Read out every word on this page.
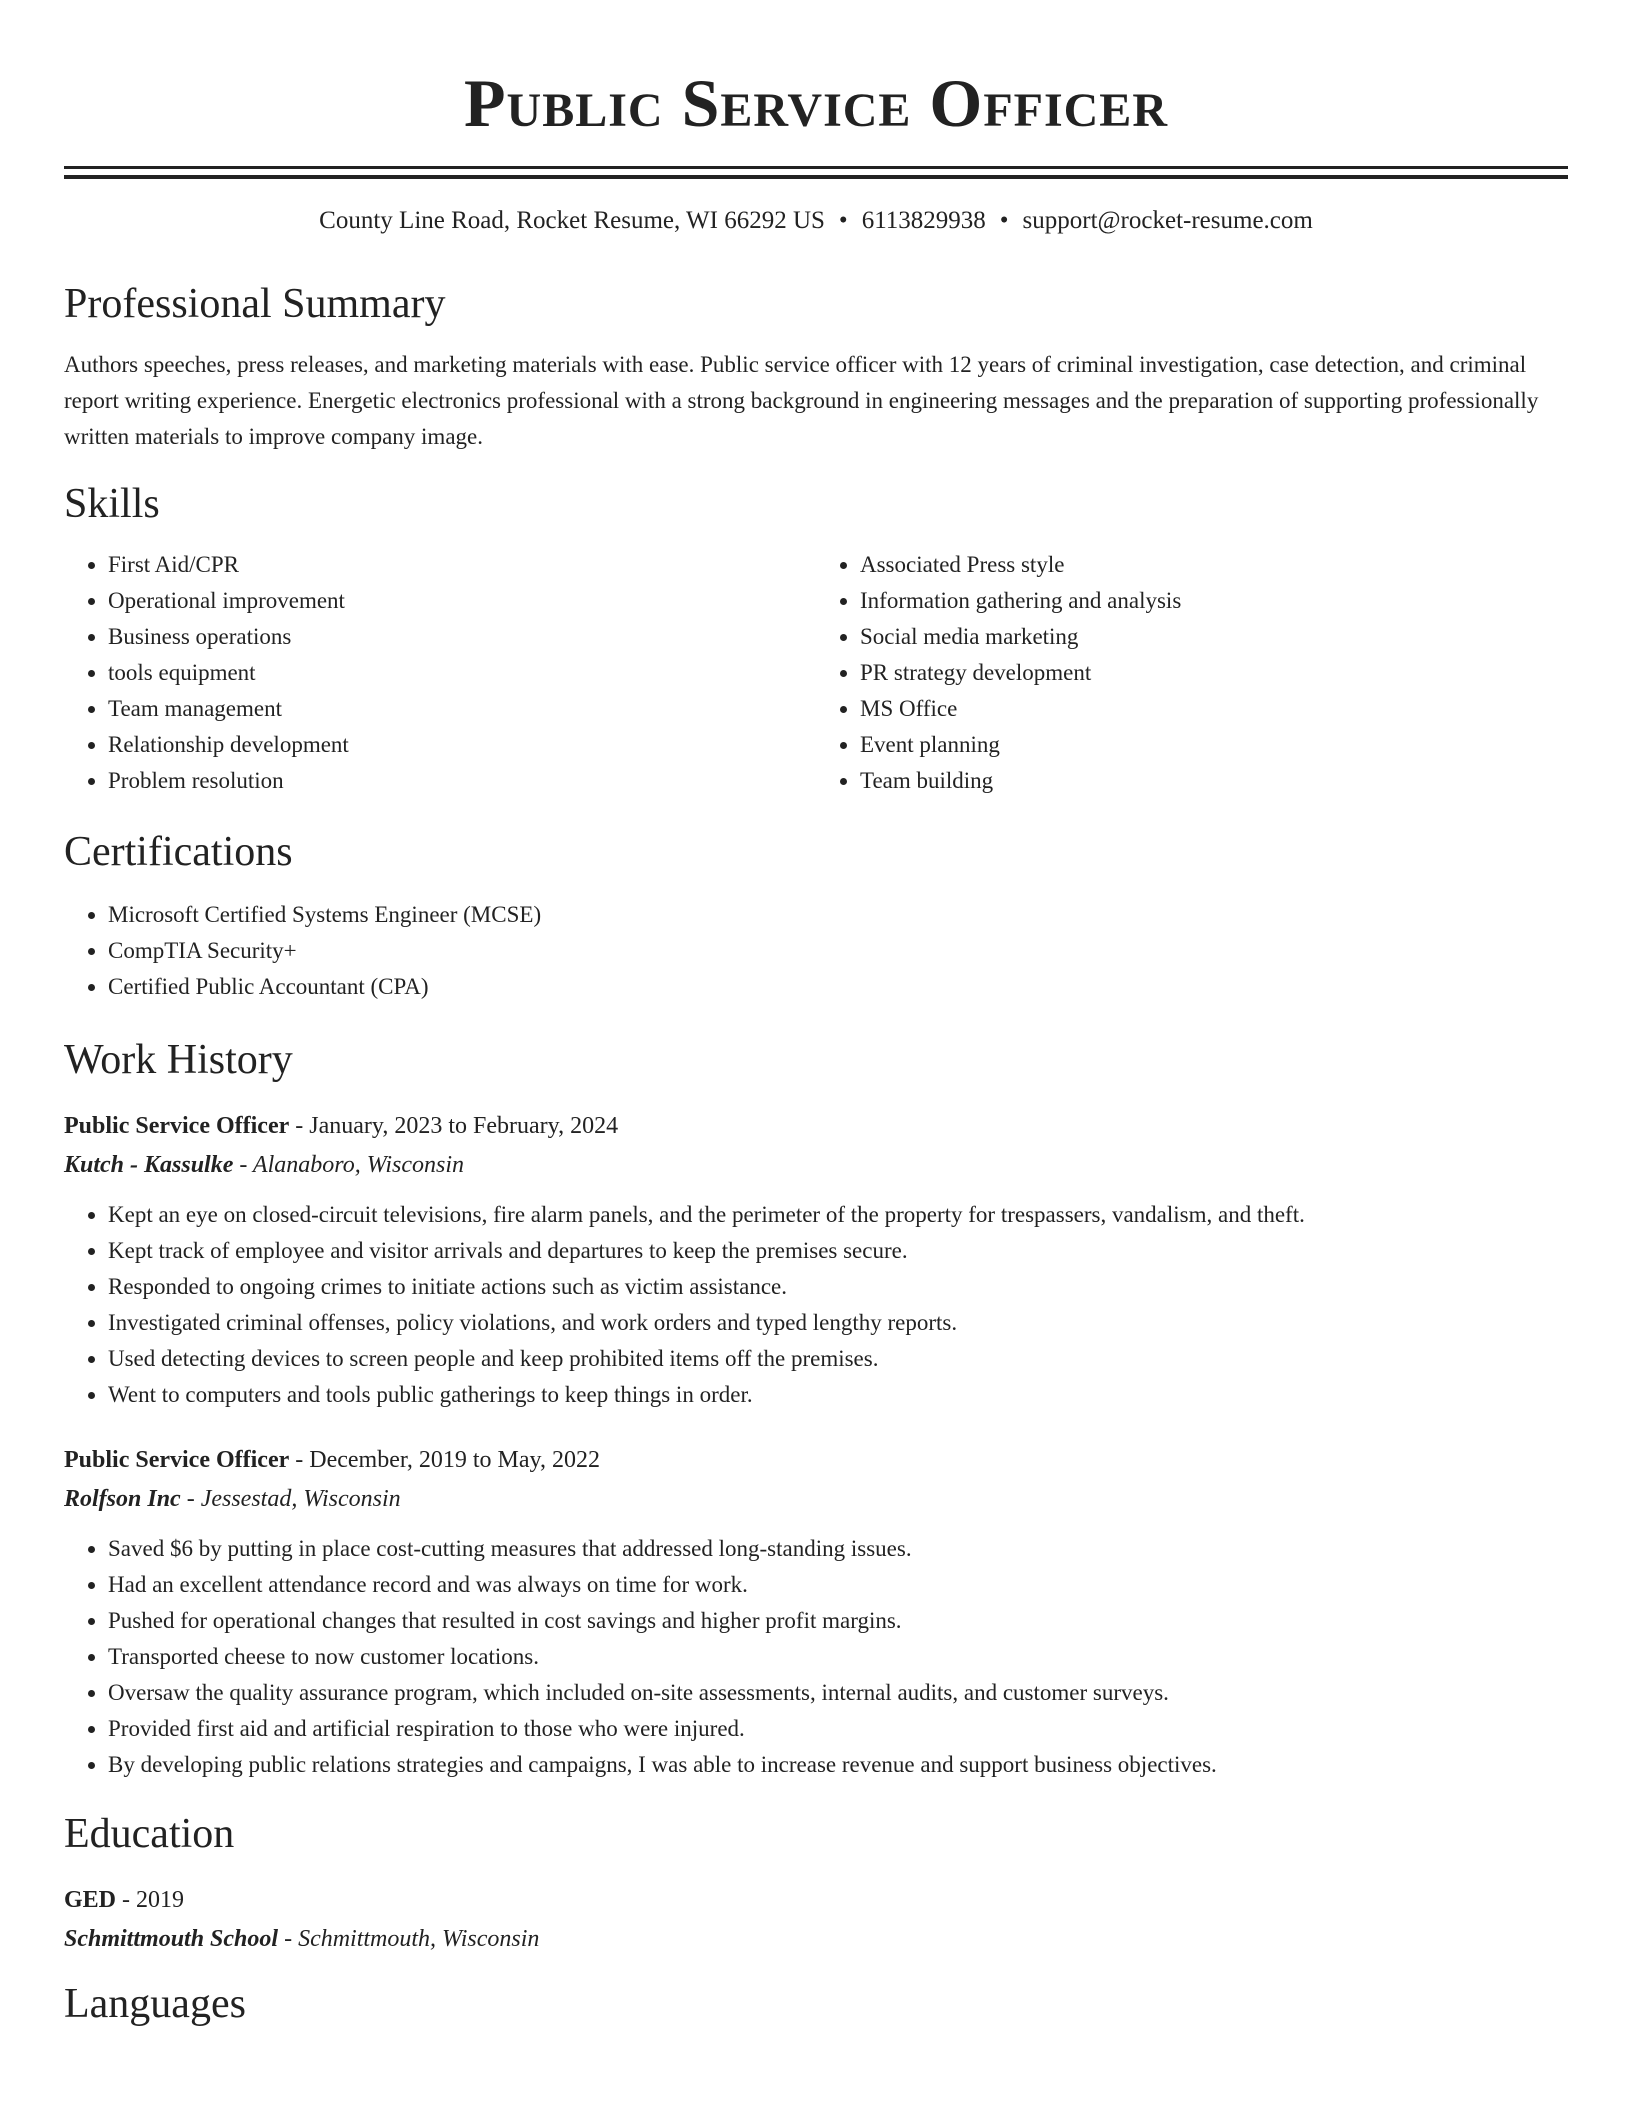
Public Service Officer
County Line Road, Rocket Resume, WI 66292 US • 6113829938 • support@rocket-resume.com
Professional Summary
Authors speeches, press releases, and marketing materials with ease. Public service officer with 12 years of criminal investigation, case detection, and criminal report writing experience. Energetic electronics professional with a strong background in engineering messages and the preparation of supporting professionally written materials to improve company image.
Skills
• First Aid/CPR
• Operational improvement
• Business operations
• tools equipment
• Team management
• Relationship development
• Problem resolution
• Associated Press style
• Information gathering and analysis
• Social media marketing
• PR strategy development
• MS Office
• Event planning
• Team building
Certifications
• Microsoft Certified Systems Engineer (MCSE)
• CompTIA Security+
• Certified Public Accountant (CPA)
Work History
Public Service Officer - January, 2023 to February, 2024
Kutch - Kassulke - Alanaboro, Wisconsin
• Kept an eye on closed-circuit televisions, fire alarm panels, and the perimeter of the property for trespassers, vandalism, and theft.
• Kept track of employee and visitor arrivals and departures to keep the premises secure.
• Responded to ongoing crimes to initiate actions such as victim assistance.
• Investigated criminal offenses, policy violations, and work orders and typed lengthy reports.
• Used detecting devices to screen people and keep prohibited items off the premises.
• Went to computers and tools public gatherings to keep things in order.
Public Service Officer - December, 2019 to May, 2022
Rolfson Inc - Jessestad, Wisconsin
• Saved $6 by putting in place cost-cutting measures that addressed long-standing issues.
• Had an excellent attendance record and was always on time for work.
• Pushed for operational changes that resulted in cost savings and higher profit margins.
• Transported cheese to now customer locations.
• Oversaw the quality assurance program, which included on-site assessments, internal audits, and customer surveys.
• Provided first aid and artificial respiration to those who were injured.
• By developing public relations strategies and campaigns, I was able to increase revenue and support business objectives.
Education
GED - 2019
Schmittmouth School - Schmittmouth, Wisconsin
Languages
